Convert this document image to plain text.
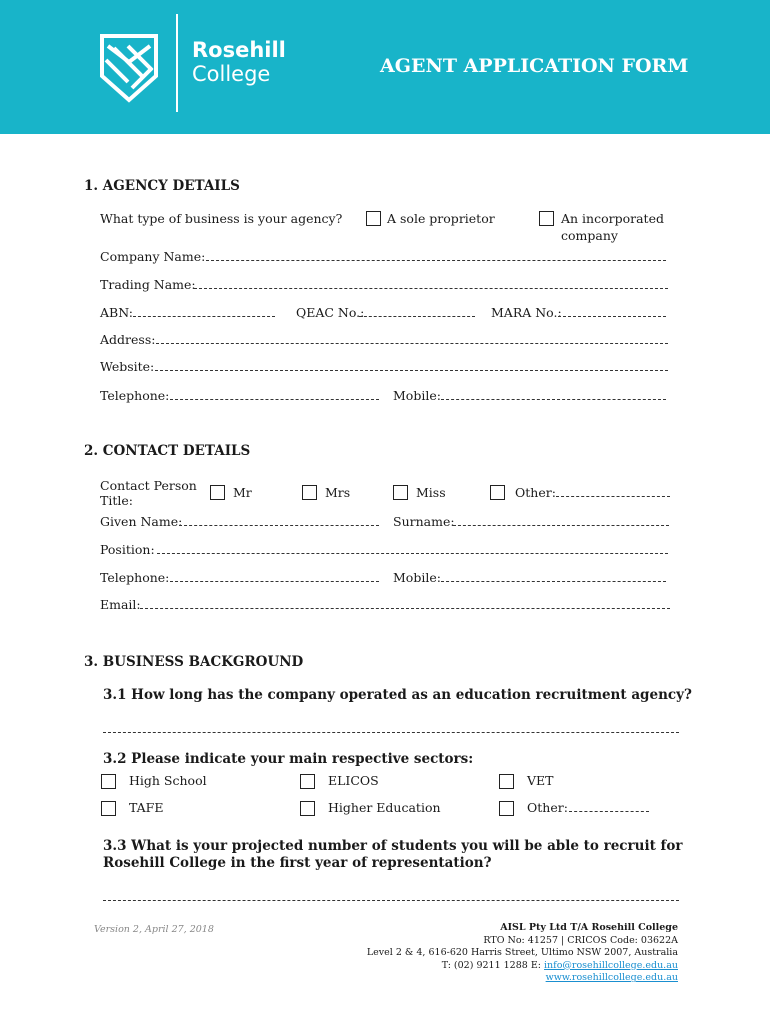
Rosehill
College	AGENT APPLICATION FORM
1. AGENCY DETAILS
What type of business is your agency?	A sole proprietor	An incorporated
company
Company Name:
Trading Name:
ABN:	QEAC No.:	MARA No.:
Address:
Website:
Telephone:	Mobile:
2. CONTACT DETAILS
Contact Person
Title:
Mr	Mrs	Miss	Other:
Given Name:	Surname:
Position:
Telephone:	Mobile:
Email:
3. BUSINESS BACKGROUND
3.1 How long has the company operated as an education recruitment agency?
3.2 Please indicate your main respective sectors:
High School	ELICOS	VET
TAFE	Higher Education	Other:
3.3 What is your projected number of students you will be able to recruit for
Rosehill College in the first year of representation?
Version 2, April 27, 2018	AISL Pty Ltd T/A Rosehill College
RTO No: 41257 | CRICOS Code: 03622A
Level 2 & 4, 616-620 Harris Street, Ultimo NSW 2007, Australia
T: (02) 9211 1288 E: info@rosehillcollege.edu.au
www.rosehillcollege.edu.au
